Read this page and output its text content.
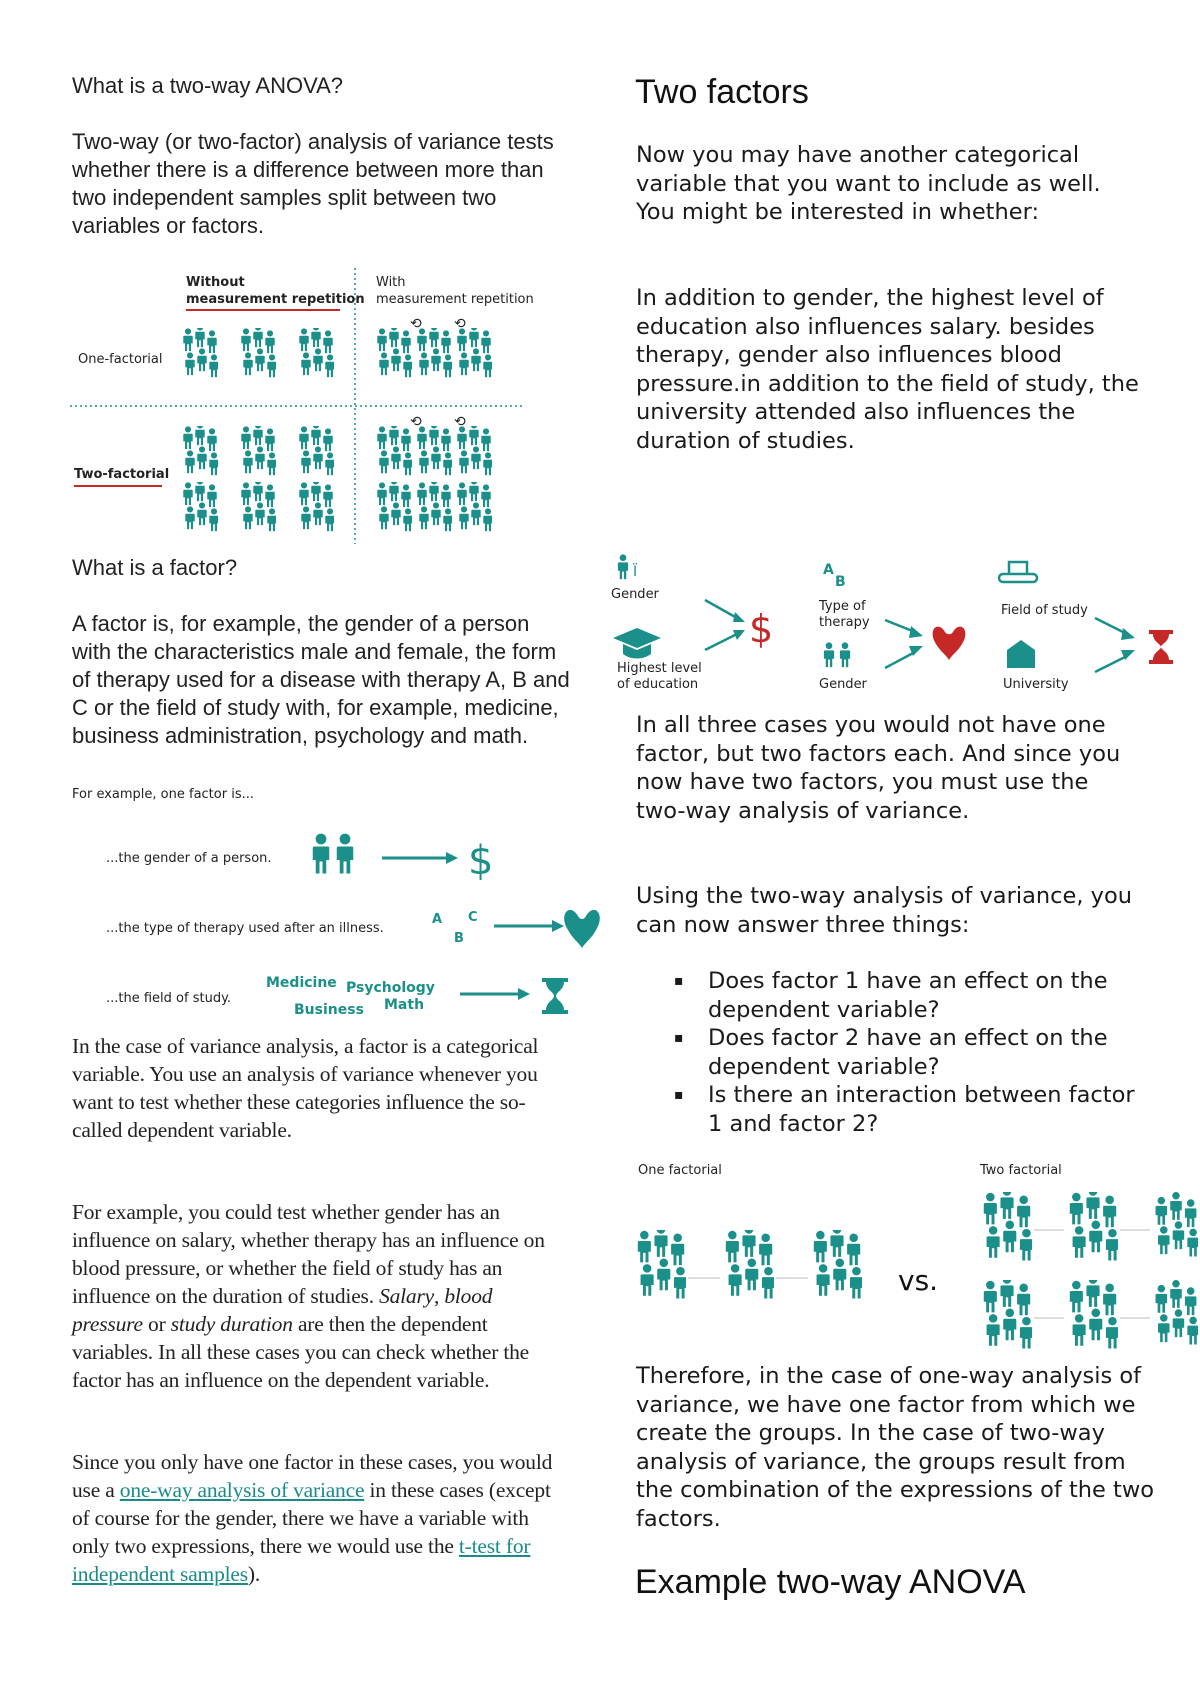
What is a two-way ANOVA?
Two-way (or two-factor) analysis of variance tests whether there is a difference between more than two independent samples split between two variables or factors.
Without
measurement repetition
With
measurement repetition
One-factorial
Two-factorial
⟲ ⟲
⟲ ⟲
What is a factor?
A factor is, for example, the gender of a person with the characteristics male and female, the form of therapy used for a disease with therapy A, B and C or the field of study with, for example, medicine, business administration, psychology and math.
For example, one factor is...
...the gender of a person.	$
...the type of therapy used after an illness.
A
B
C
...the field of study.
Medicine Psychology
Business Math
In the case of variance analysis, a factor is a categorical variable. You use an analysis of variance whenever you want to test whether these categories influence the so-called dependent variable.
For example, you could test whether gender has an influence on salary, whether therapy has an influence on blood pressure, or whether the field of study has an influence on the duration of studies. Salary, blood pressure or study duration are then the dependent variables. In all these cases you can check whether the factor has an influence on the dependent variable.
Since you only have one factor in these cases, you would use a one-way analysis of variance in these cases (except of course for the gender, there we have a variable with only two expressions, there we would use the t-test for independent samples).
Two factors
Now you may have another categorical variable that you want to include as well. You might be interested in whether:
In addition to gender, the highest level of education also influences salary. besides therapy, gender also influences blood pressure.in addition to the field of study, the university attended also influences the duration of studies.
Ϊ
Gender
Highest level
of education
$
A
B
Type of
therapy
Gender
Field of study
University
In all three cases you would not have one factor, but two factors each. And since you now have two factors, you must use the two-way analysis of variance.
Using the two-way analysis of variance, you can now answer three things:
▪ Does factor 1 have an effect on the dependent variable?
▪ Does factor 2 have an effect on the dependent variable?
▪ Is there an interaction between factor 1 and factor 2?
One factorial	Two factorial
vs.
Therefore, in the case of one-way analysis of variance, we have one factor from which we create the groups. In the case of two-way analysis of variance, the groups result from the combination of the expressions of the two factors.
Example two-way ANOVA
